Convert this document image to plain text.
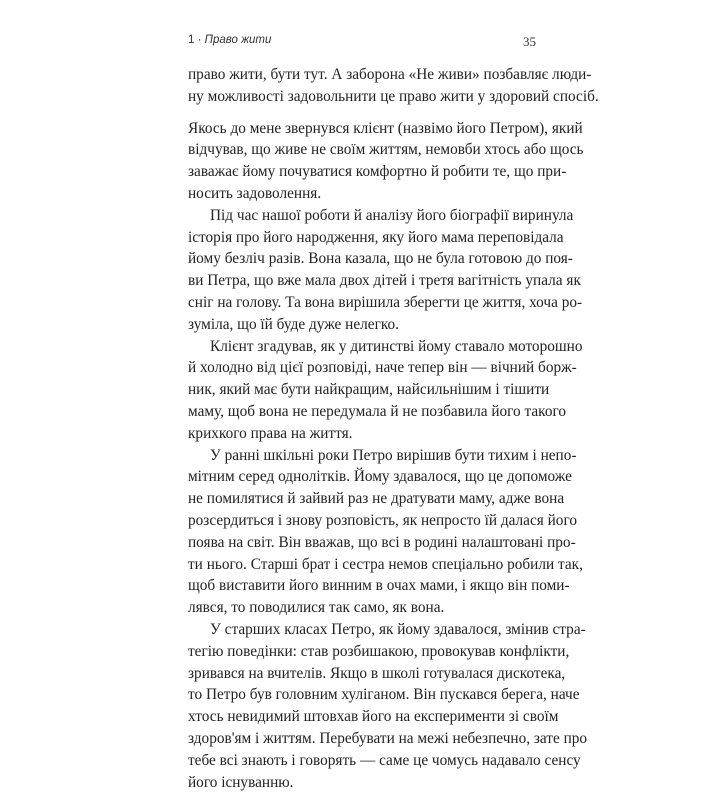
1 · Право жити	35
право жити, бути тут. А заборона «Не живи» позбавляє люди-
ну можливості задовольнити це право жити у здоровий спосіб.
Якось до мене звернувся клієнт (назвімо його Петром), який
відчував, що живе не своїм життям, немовби хтось або щось
заважає йому почуватися комфортно й робити те, що при-
носить задоволення.
Під час нашої роботи й аналізу його біографії виринула
історія про його народження, яку його мама переповідала
йому безліч разів. Вона казала, що не була готовою до поя-
ви Петра, що вже мала двох дітей і третя вагітність упала як
сніг на голову. Та вона вирішила зберегти це життя, хоча ро-
зуміла, що їй буде дуже нелегко.
Клієнт згадував, як у дитинстві йому ставало моторошно
й холодно від цієї розповіді, наче тепер він — вічний борж-
ник, який має бути найкращим, найсильнішим і тішити
маму, щоб вона не передумала й не позбавила його такого
крихкого права на життя.
У ранні шкільні роки Петро вирішив бути тихим і непо-
мітним серед однолітків. Йому здавалося, що це допоможе
не помилятися й зайвий раз не дратувати маму, адже вона
розсердиться і знову розповість, як непросто їй далася його
поява на світ. Він вважав, що всі в родині налаштовані про-
ти нього. Старші брат і сестра немов спеціально робили так,
щоб виставити його винним в очах мами, і якщо він поми-
лявся, то поводилися так само, як вона.
У старших класах Петро, як йому здавалося, змінив стра-
тегію поведінки: став розбишакою, провокував конфлікти,
зривався на вчителів. Якщо в школі готувалася дискотека,
то Петро був головним хуліганом. Він пускався берега, наче
хтось невидимий штовхав його на експерименти зі своїм
здоров'ям і життям. Перебувати на межі небезпечно, зате про
тебе всі знають і говорять — саме це чомусь надавало сенсу
його існуванню.
